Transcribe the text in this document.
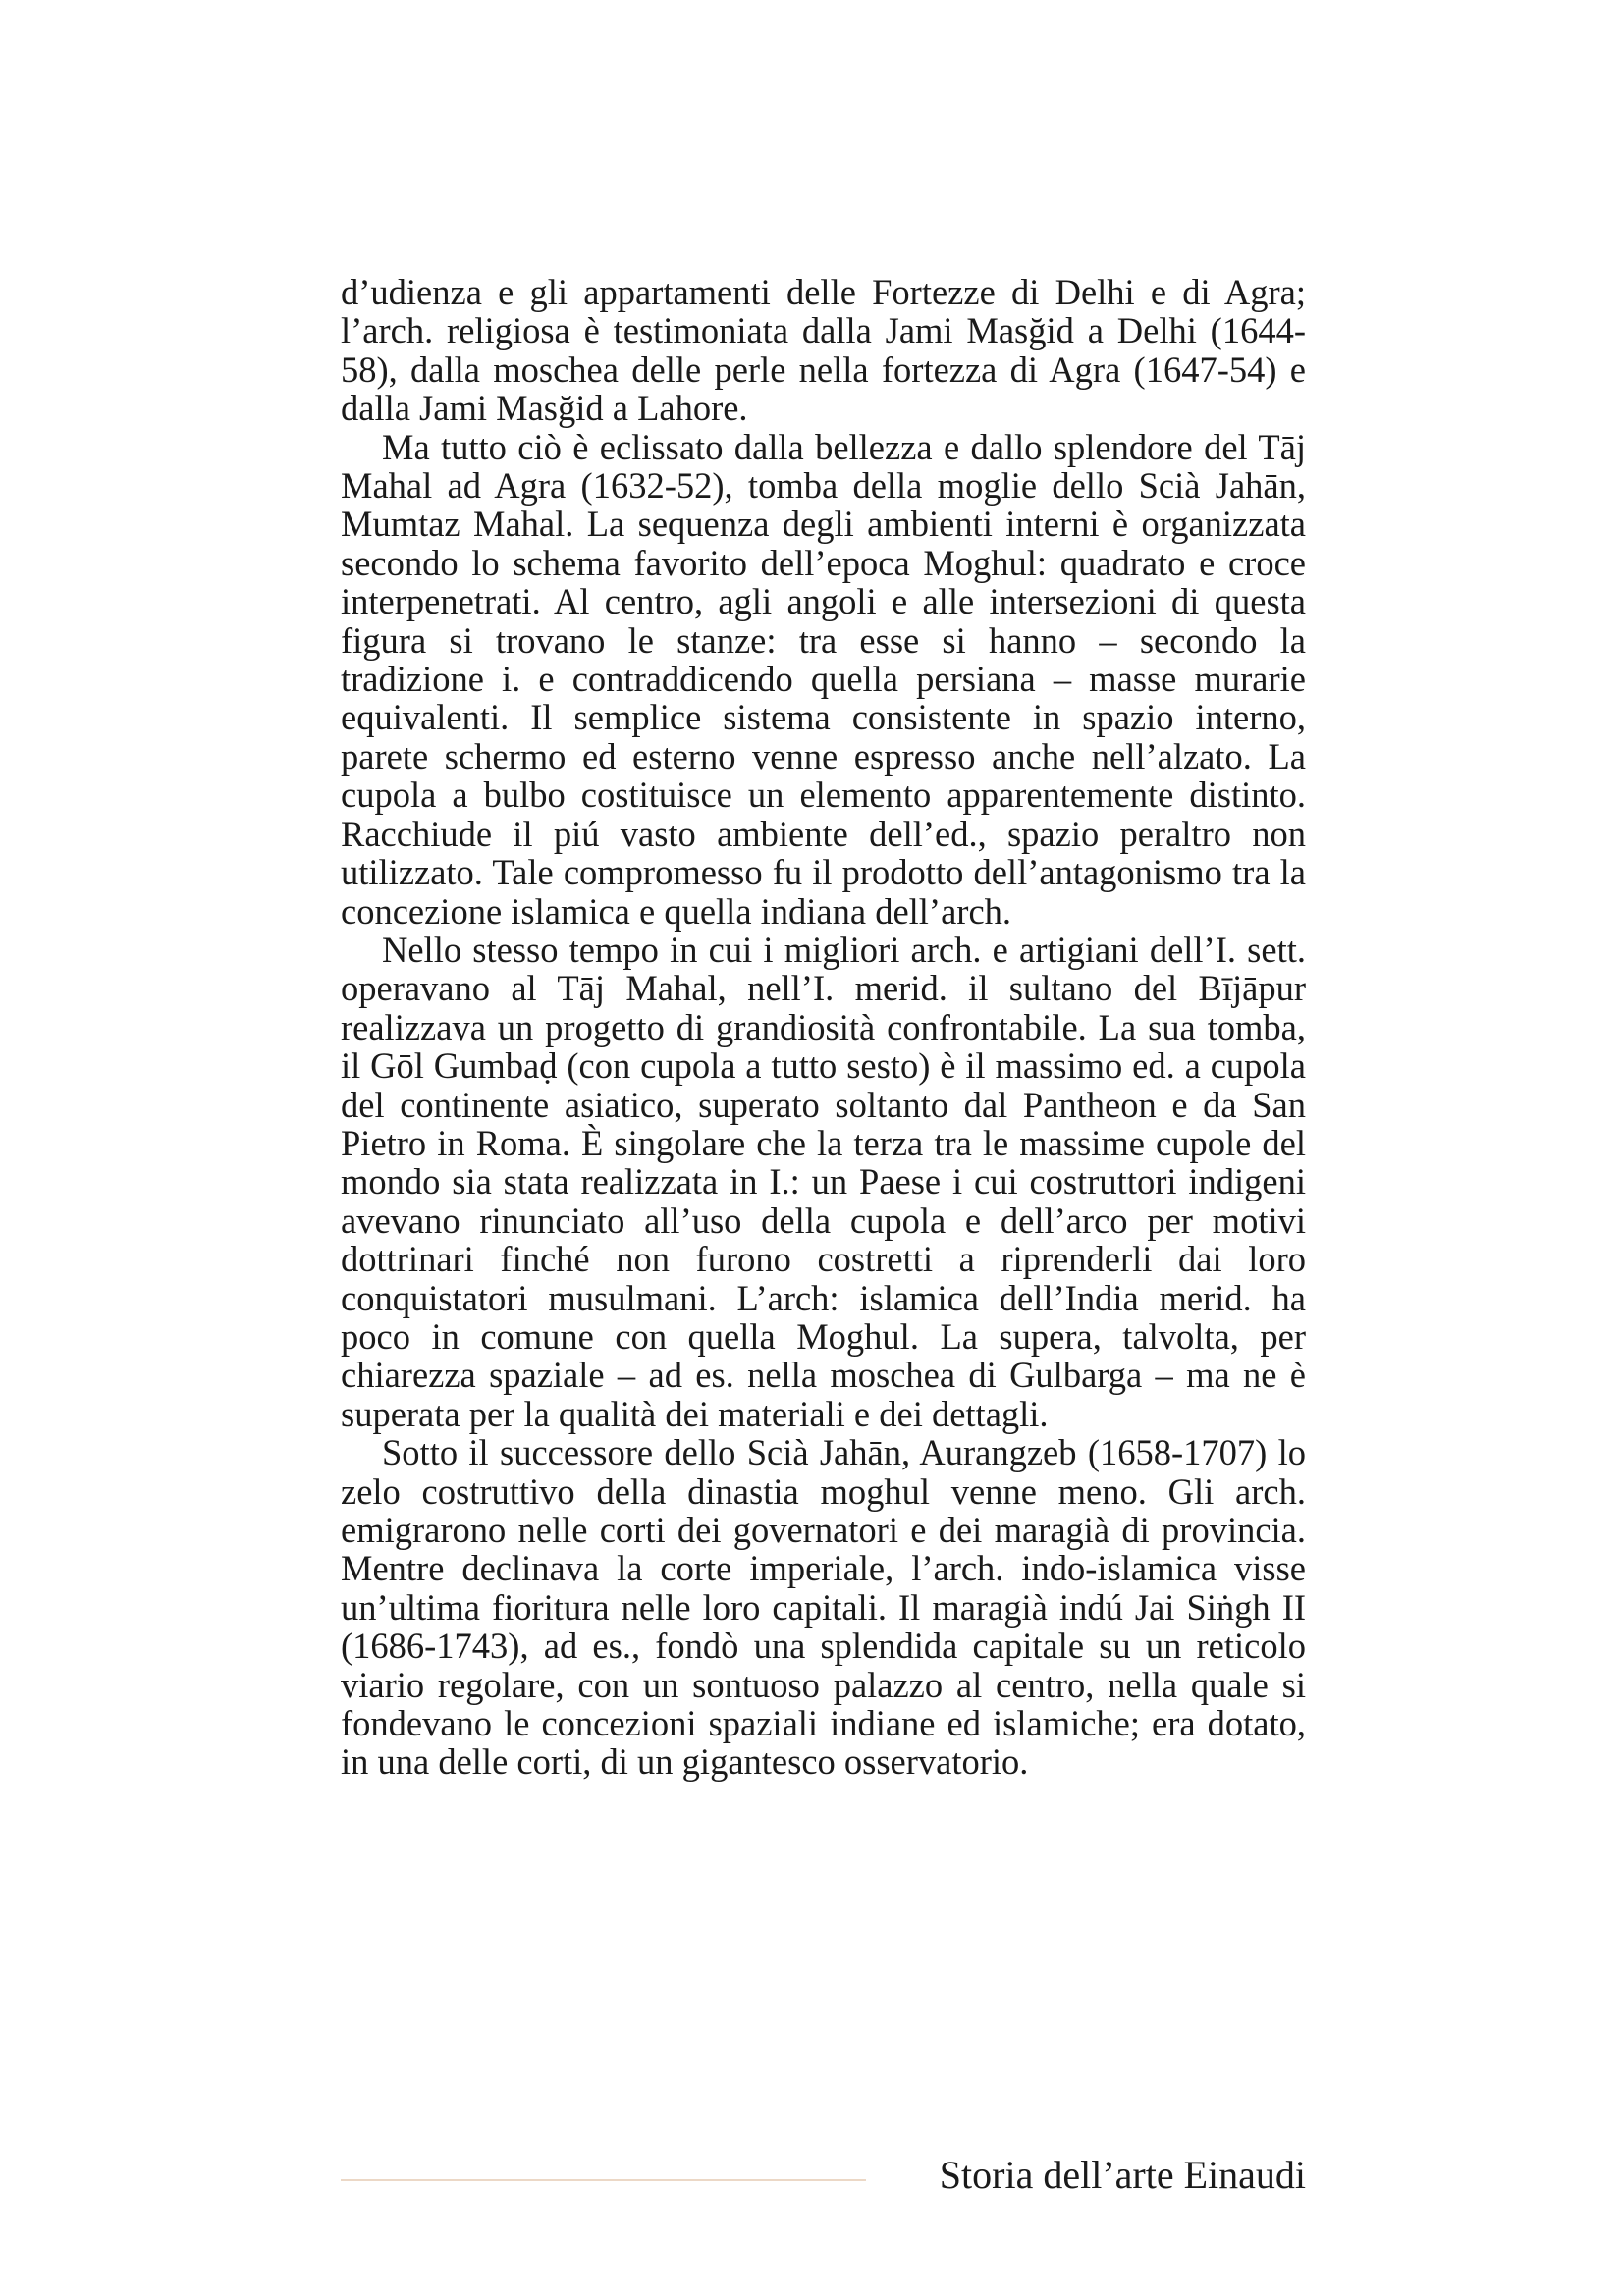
d’udienza e gli appartamenti delle Fortezze di Delhi e di Agra; l’arch. religiosa è testimoniata dalla Jami Masğid a Delhi (1644-58), dalla moschea delle perle nella fortezza di Agra (1647-54) e dalla Jami Masğid a Lahore.

Ma tutto ciò è eclissato dalla bellezza e dallo splendore del Tāj Mahal ad Agra (1632-52), tomba della moglie dello Scià Jahān, Mumtaz Mahal. La sequenza degli ambienti interni è organizzata secondo lo schema favorito dell’epoca Moghul: quadrato e croce interpenetrati. Al centro, agli angoli e alle intersezioni di questa figura si trovano le stanze: tra esse si hanno – secondo la tradizione i. e contraddicendo quella persiana – masse murarie equivalenti. Il semplice sistema consistente in spazio interno, parete schermo ed esterno venne espresso anche nell’alzato. La cupola a bulbo costituisce un elemento apparentemente distinto. Racchiude il piú vasto ambiente dell’ed., spazio peraltro non utilizzato. Tale compromesso fu il prodotto dell’antagonismo tra la concezione islamica e quella indiana dell’arch.

Nello stesso tempo in cui i migliori arch. e artigiani dell’I. sett. operavano al Tāj Mahal, nell’I. merid. il sultano del Bījāpur realizzava un progetto di grandiosità confrontabile. La sua tomba, il Gōl Gumbaḍ (con cupola a tutto sesto) è il massimo ed. a cupola del continente asiatico, superato soltanto dal Pantheon e da San Pietro in Roma. È singolare che la terza tra le massime cupole del mondo sia stata realizzata in I.: un Paese i cui costruttori indigeni avevano rinunciato all’uso della cupola e dell’arco per motivi dottrinari finché non furono costretti a riprenderli dai loro conquistatori musulmani. L’arch: islamica dell’India merid. ha poco in comune con quella Moghul. La supera, talvolta, per chiarezza spaziale – ad es. nella moschea di Gulbarga – ma ne è superata per la qualità dei materiali e dei dettagli.

Sotto il successore dello Scià Jahān, Aurangzeb (1658-1707) lo zelo costruttivo della dinastia moghul venne meno. Gli arch. emigrarono nelle corti dei governatori e dei maragià di provincia. Mentre declinava la corte imperiale, l’arch. indo-islamica visse un’ultima fioritura nelle loro capitali. Il maragià indú Jai Siṅgh II (1686-1743), ad es., fondò una splendida capitale su un reticolo viario regolare, con un sontuoso palazzo al centro, nella quale si fondevano le concezioni spaziali indiane ed islamiche; era dotato, in una delle corti, di un gigantesco osservatorio.

Storia dell’arte Einaudi
